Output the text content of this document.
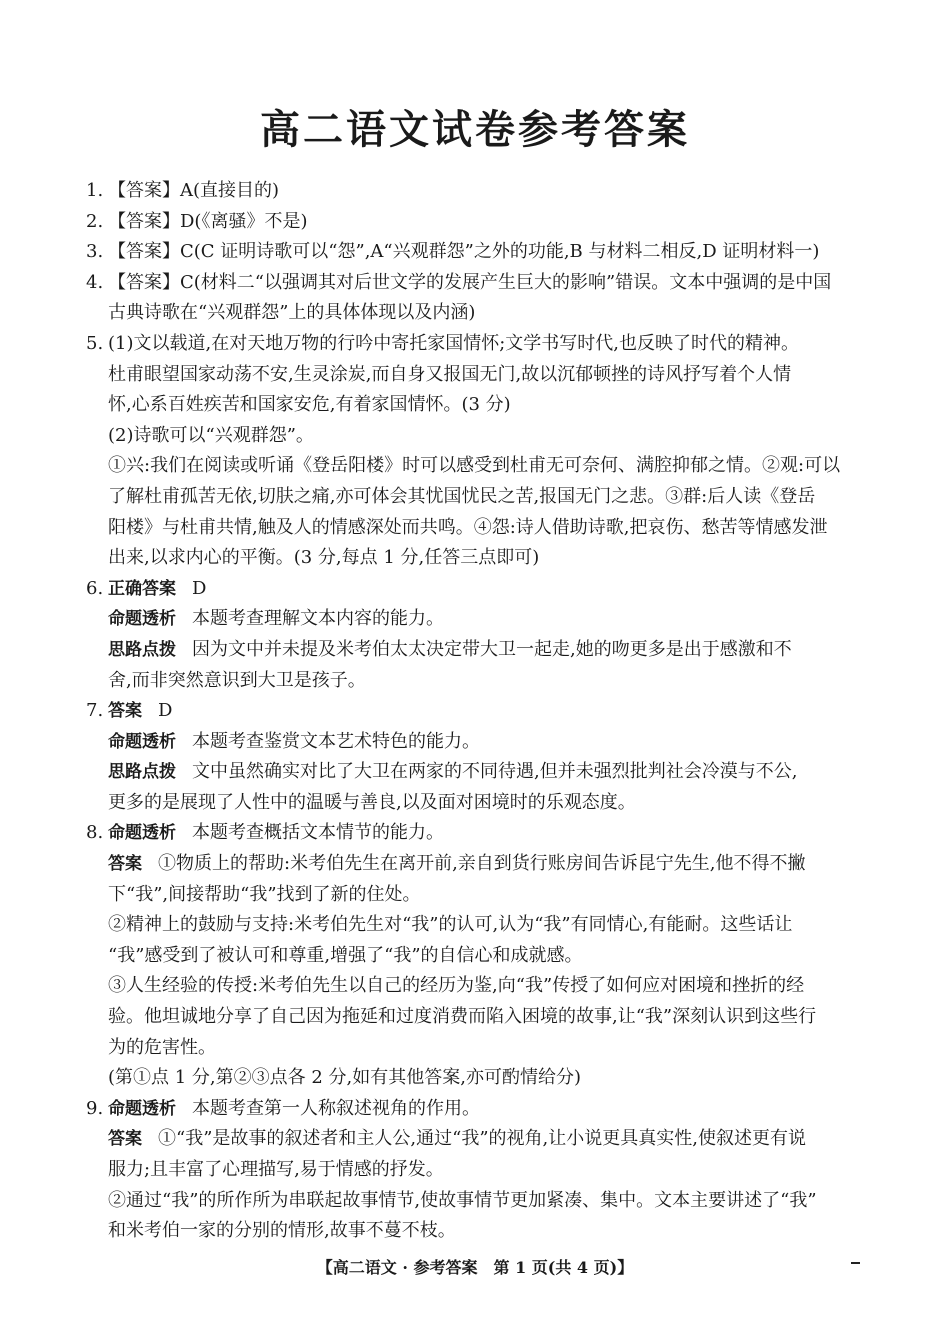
高二语文试卷参考答案
1. 【答案】A(直接目的)
2. 【答案】D(《离骚》不是)
3. 【答案】C(C 证明诗歌可以“怨”,A“兴观群怨”之外的功能,B 与材料二相反,D 证明材料一)
4. 【答案】C(材料二“以强调其对后世文学的发展产生巨大的影响”错误。文本中强调的是中国
古典诗歌在“兴观群怨”上的具体体现以及内涵)
5. (1)文以载道,在对天地万物的行吟中寄托家国情怀;文学书写时代,也反映了时代的精神。
杜甫眼望国家动荡不安,生灵涂炭,而自身又报国无门,故以沉郁顿挫的诗风抒写着个人情
怀,心系百姓疾苦和国家安危,有着家国情怀。(3 分)
(2)诗歌可以“兴观群怨”。
①兴:我们在阅读或听诵《登岳阳楼》时可以感受到杜甫无可奈何、满腔抑郁之情。②观:可以
了解杜甫孤苦无依,切肤之痛,亦可体会其忧国忧民之苦,报国无门之悲。③群:后人读《登岳
阳楼》与杜甫共情,触及人的情感深处而共鸣。④怨:诗人借助诗歌,把哀伤、愁苦等情感发泄
出来,以求内心的平衡。(3 分,每点 1 分,任答三点即可)
6. 正确答案 D
命题透析 本题考查理解文本内容的能力。
思路点拨 因为文中并未提及米考伯太太决定带大卫一起走,她的吻更多是出于感激和不
舍,而非突然意识到大卫是孩子。
7. 答案 D
命题透析 本题考查鉴赏文本艺术特色的能力。
思路点拨 文中虽然确实对比了大卫在两家的不同待遇,但并未强烈批判社会冷漠与不公,
更多的是展现了人性中的温暖与善良,以及面对困境时的乐观态度。
8. 命题透析 本题考查概括文本情节的能力。
答案 ①物质上的帮助:米考伯先生在离开前,亲自到货行账房间告诉昆宁先生,他不得不撇
下“我”,间接帮助“我”找到了新的住处。
②精神上的鼓励与支持:米考伯先生对“我”的认可,认为“我”有同情心,有能耐。这些话让
“我”感受到了被认可和尊重,增强了“我”的自信心和成就感。
③人生经验的传授:米考伯先生以自己的经历为鉴,向“我”传授了如何应对困境和挫折的经
验。他坦诚地分享了自己因为拖延和过度消费而陷入困境的故事,让“我”深刻认识到这些行
为的危害性。
(第①点 1 分,第②③点各 2 分,如有其他答案,亦可酌情给分)
9. 命题透析 本题考查第一人称叙述视角的作用。
答案 ①“我”是故事的叙述者和主人公,通过“我”的视角,让小说更具真实性,使叙述更有说
服力;且丰富了心理描写,易于情感的抒发。
②通过“我”的所作所为串联起故事情节,使故事情节更加紧凑、集中。文本主要讲述了“我”
和米考伯一家的分别的情形,故事不蔓不枝。
【高二语文 · 参考答案　第 1 页(共 4 页)】
